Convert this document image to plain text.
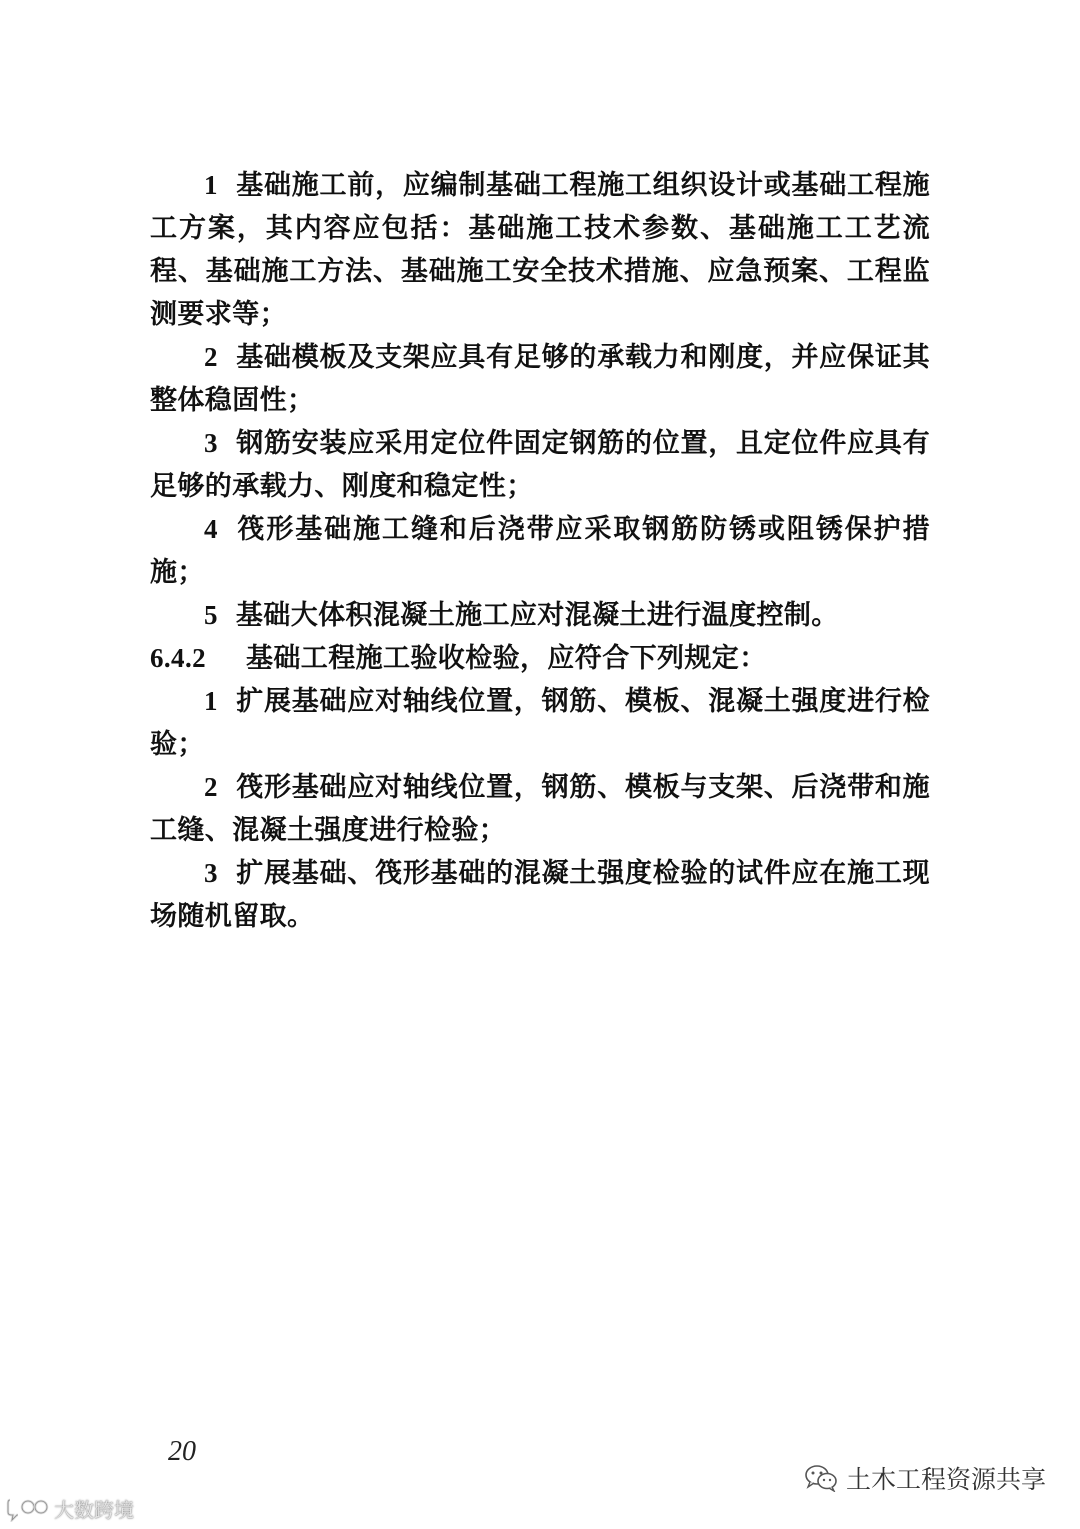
1 基础施工前，应编制基础工程施工组织设计或基础工程施工方案，其内容应包括：基础施工技术参数、基础施工工艺流程、基础施工方法、基础施工安全技术措施、应急预案、工程监测要求等；

2 基础模板及支架应具有足够的承载力和刚度，并应保证其整体稳固性；

3 钢筋安装应采用定位件固定钢筋的位置，且定位件应具有足够的承载力、刚度和稳定性；

4 筏形基础施工缝和后浇带应采取钢筋防锈或阻锈保护措施；

5 基础大体积混凝土施工应对混凝土进行温度控制。

6.4.2 基础工程施工验收检验，应符合下列规定：

1 扩展基础应对轴线位置，钢筋、模板、混凝土强度进行检验；

2 筏形基础应对轴线位置，钢筋、模板与支架、后浇带和施工缝、混凝土强度进行检验；

3 扩展基础、筏形基础的混凝土强度检验的试件应在施工现场随机留取。

20
大数跨境
土木工程资源共享
